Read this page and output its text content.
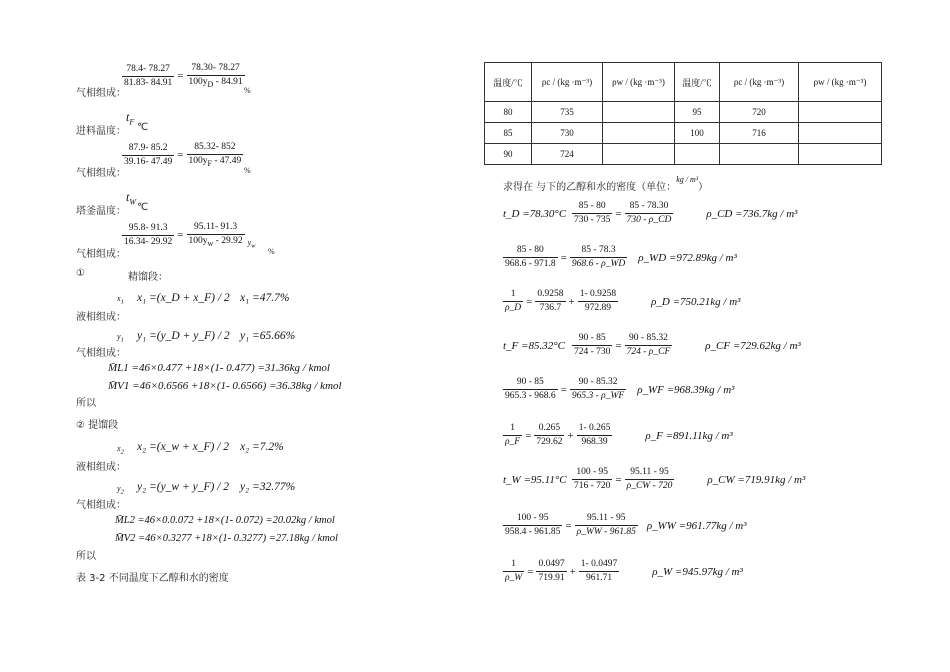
$\frac{78.4- 78.27}{81.83- 84.91} = \frac{78.30- 78.27}{100y_D - 84.91}$
气相组成：	%
$t_F$
进料温度： ℃
$\frac{87.9- 85.2}{39.16- 47.49} = \frac{85.32- 852}{100y_F - 47.49}$
气相组成：	%
$t_W$
塔釜温度： ℃
$\frac{95.8- 91.3}{16.34- 29.92} = \frac{95.11- 91.3}{100y_w - 29.92} y_w$
气相组成：	%
①	精馏段：
$x_1$ x₁ =(x_D + x_F) / 2 x₁ =47.7%
液相组成：
$y_1$ y₁ =(y_D + y_F) / 2 y₁ =65.66%
气相组成：
M̄L1 =46×0.477 +18×(1- 0.477) =31.36kg / kmol
M̄V1 =46×0.6566 +18×(1- 0.6566) =36.38kg / kmol
所以
② 提馏段
$x_2$ x₂ =(x_w + x_F) / 2 x₂ =7.2%
液相组成：
$y_2$ y₂ =(y_w + y_F) / 2 y₂ =32.77%
气相组成：
M̄L2 =46×0.0.072 +18×(1- 0.072) =20.02kg / kmol
M̄V2 =46×0.3277 +18×(1- 0.3277) =27.18kg / kmol
所以
表 3-2 不同温度下乙醇和水的密度
温度/℃	ρc / (kg ·m⁻³)	ρw / (kg ·m⁻³)	温度/℃	ρc / (kg ·m⁻³)	ρw / (kg ·m⁻³)
80	735		95	720	
85	730		100	716	
90	724				
求得在 与下的乙醇和水的密度（单位：$^{kg / m^3}$）
t_D $=78.30^\circ C \frac{85 - 80}{730 - 735} = \frac{85 - 78.30}{730 - \rho\_CD}$	ρ_CD =736.7kg / m³
$\frac{85 - 80}{968.6 - 971.8} = \frac{85 - 78.3}{968.6 - \rho\_WD}$ ρ_WD =972.89kg / m³
$\frac{1}{\rho\_D} = \frac{0.9258}{736.7} + \frac{1- 0.9258}{972.89}$	ρ_D =750.21kg / m³
t_F $=85.32^\circ C \frac{90 - 85}{724 - 730} = \frac{90 - 85.32}{724 - \rho\_CF}$	ρ_CF =729.62kg / m³
$\frac{90 - 85}{965.3 - 968.6} = \frac{90 - 85.32}{965.3 - \rho\_WF}$ ρ_WF =968.39kg / m³
$\frac{1}{\rho\_F} = \frac{0.265}{729.62} + \frac{1- 0.265}{968.39}$	ρ_F =891.11kg / m³
t_W $=95.11^\circ C \frac{100 - 95}{716 - 720} = \frac{95.11 - 95}{\rho\_CW - 720}$	ρ_CW =719.91kg / m³
$\frac{100 - 95}{958.4 - 961.85} = \frac{95.11 - 95}{\rho\_WW - 961.85}$ ρ_WW =961.77kg / m³
$\frac{1}{\rho\_W} = \frac{0.0497}{719.91} + \frac{1- 0.0497}{961.71}$	ρ_W =945.97kg / m³
